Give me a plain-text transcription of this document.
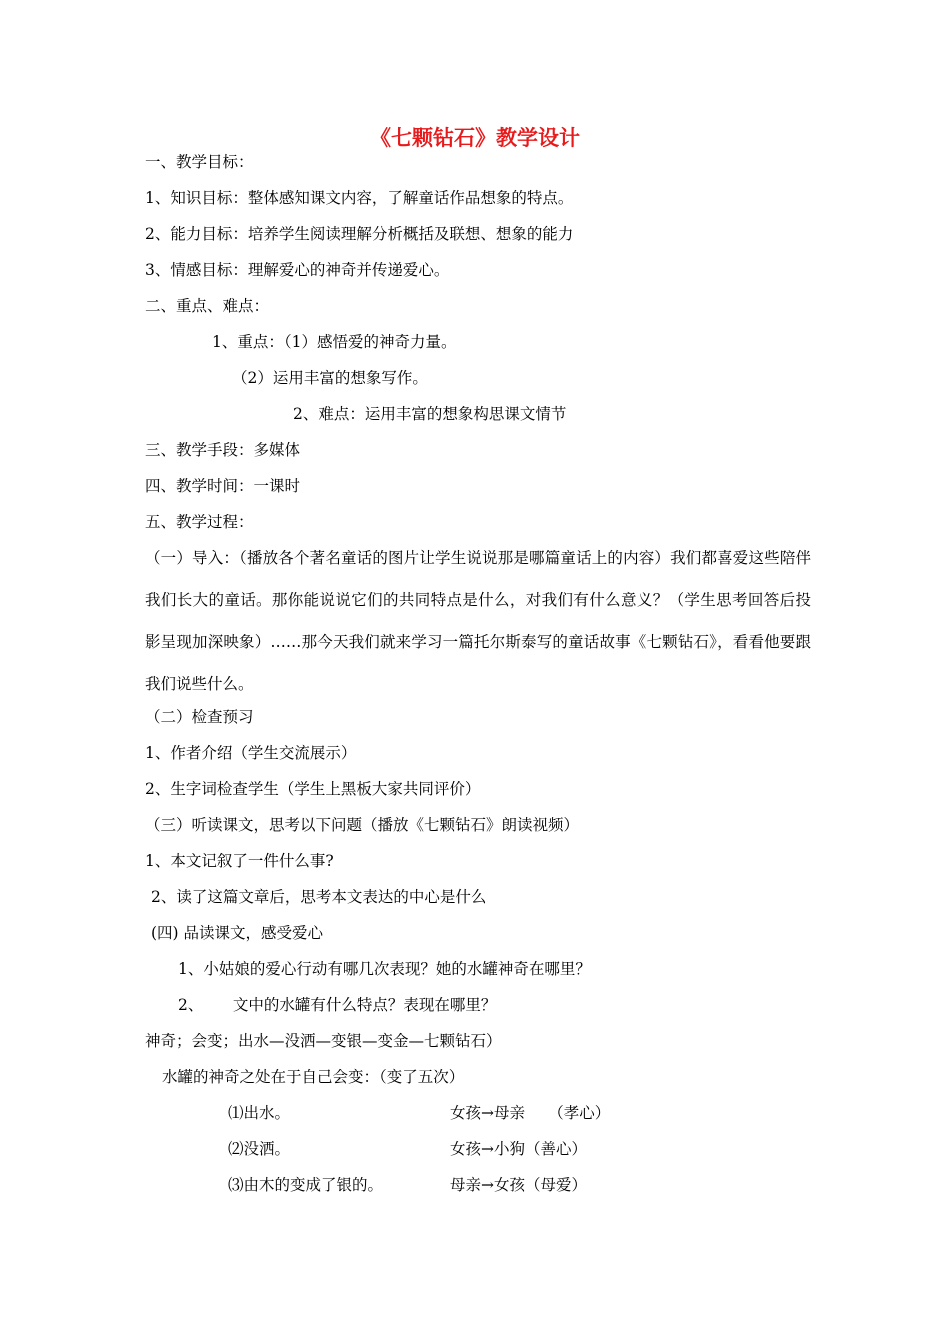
《七颗钻石》教学设计
一、教学目标：
1、知识目标：整体感知课文内容，了解童话作品想象的特点。
2、能力目标：培养学生阅读理解分析概括及联想、想象的能力
3、情感目标：理解爱心的神奇并传递爱心。
二、重点、难点：
1、重点：（1）感悟爱的神奇力量。
（2）运用丰富的想象写作。
2、难点：运用丰富的想象构思课文情节
三、教学手段：多媒体
四、教学时间：一课时
五、教学过程：
（一）导入：（播放各个著名童话的图片让学生说说那是哪篇童话上的内容）我们都喜爱这些陪伴我们长大的童话。那你能说说它们的共同特点是什么，对我们有什么意义？（学生思考回答后投影呈现加深映象）……那今天我们就来学习一篇托尔斯泰写的童话故事《七颗钻石》，看看他要跟我们说些什么。
（二）检查预习
1、作者介绍（学生交流展示）
2、生字词检查学生（学生上黑板大家共同评价）
（三）听读课文，思考以下问题（播放《七颗钻石》朗读视频）
1、本文记叙了一件什么事?
2、读了这篇文章后，思考本文表达的中心是什么
(四) 品读课文，感受爱心
1、小姑娘的爱心行动有哪几次表现？她的水罐神奇在哪里？
2、      文中的水罐有什么特点？表现在哪里？
神奇；会变；出水—没洒—变银—变金—七颗钻石）
水罐的神奇之处在于自己会变：（变了五次）
⑴出水。	女孩→母亲　　（孝心）
⑵没洒。	女孩→小狗（善心）
⑶由木的变成了银的。	母亲→女孩（母爱）
